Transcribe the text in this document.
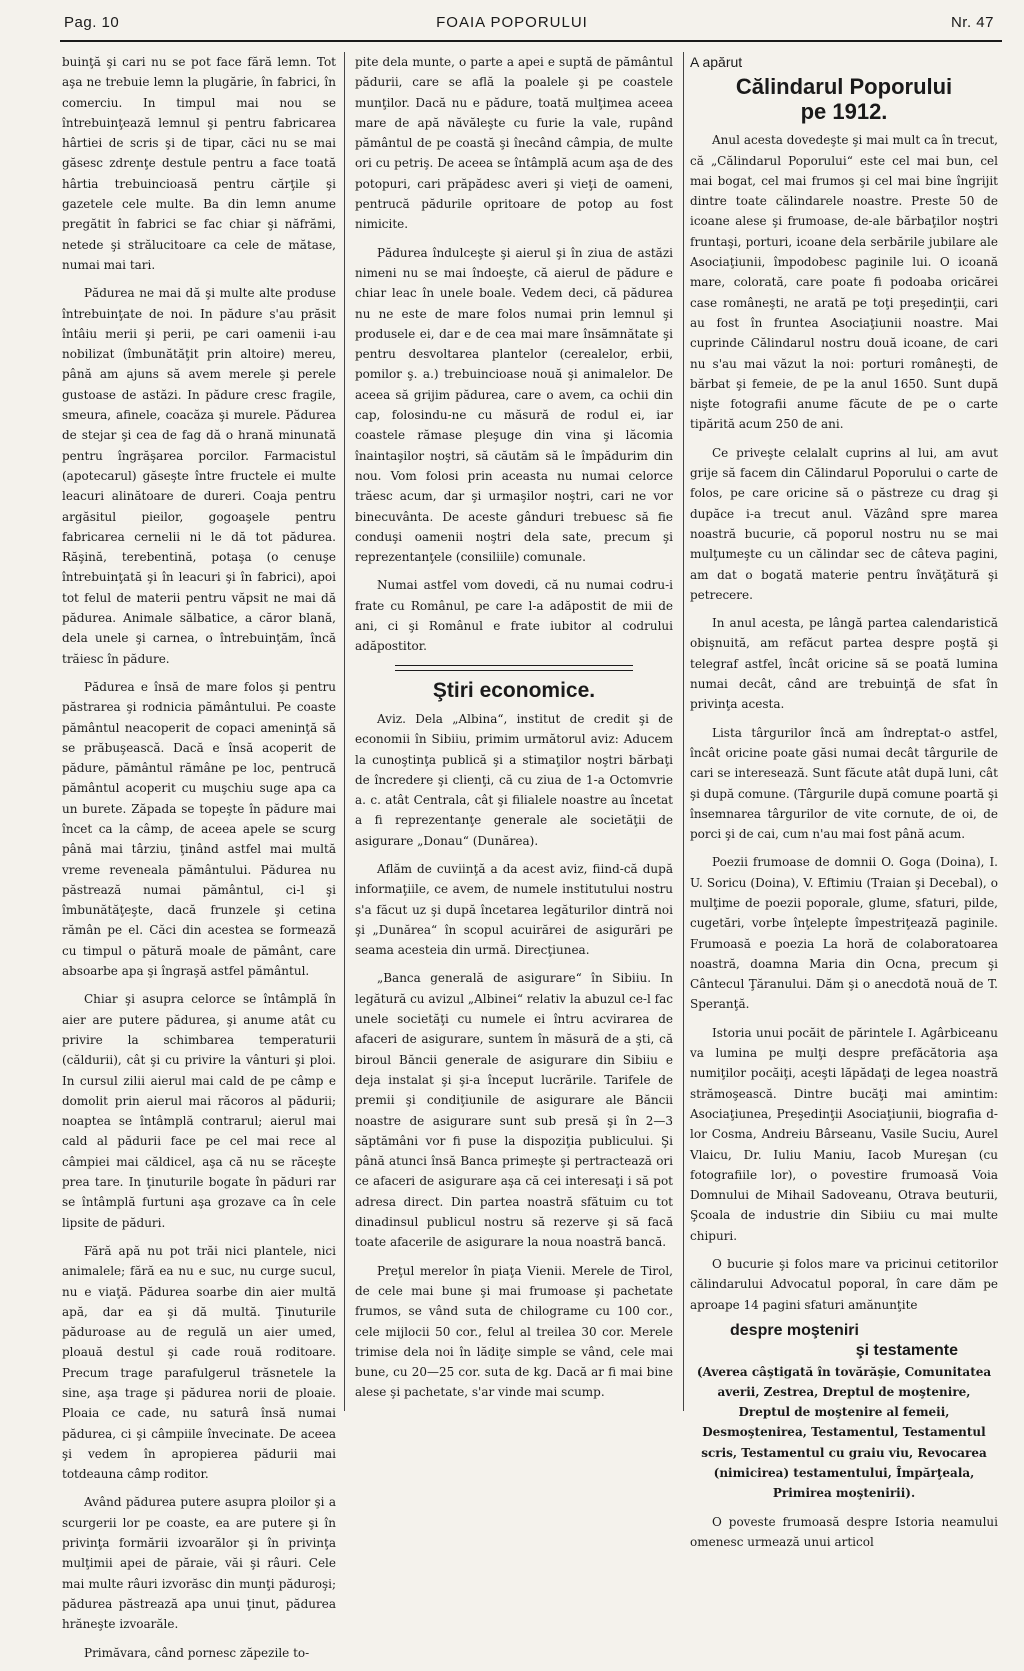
Pag. 10	FOAIA POPORULUI	Nr. 47

buinţă şi cari nu se pot face fără lemn. Tot aşa ne trebuie lemn la plugărie, în fabrici, în comerciu. In timpul mai nou se întrebuinţează lemnul şi pentru fabricarea hârtiei de scris şi de tipar, căci nu se mai găsesc zdrenţe destule pentru a face toată hârtia trebuincioasă pentru cărţile şi gazetele cele multe. Ba din lemn anume pregătit în fabrici se fac chiar şi năfrămi, netede şi strălucitoare ca cele de mătase, numai mai tari.

Pădurea ne mai dă şi multe alte produse întrebuinţate de noi. In pădure s'au prăsit întâiu merii şi perii, pe cari oamenii i-au nobilizat (îmbunătăţit prin altoire) mereu, până am ajuns să avem merele şi perele gustoase de astăzi. In pădure cresc fragile, smeura, afinele, coacăza şi murele. Pădurea de stejar şi cea de fag dă o hrană minunată pentru îngrăşarea porcilor. Farmacistul (apotecarul) găseşte între fructele ei multe leacuri alinătoare de dureri. Coaja pentru argăsitul pieilor, gogoaşele pentru fabricarea cernelii ni le dă tot pădurea. Răşină, terebentină, potaşa (o cenuşe întrebuinţată şi în leacuri şi în fabrici), apoi tot felul de materii pentru văpsit ne mai dă pădurea. Animale sălbatice, a căror blană, dela unele şi carnea, o întrebuinţăm, încă trăiesc în pădure.

Pădurea e însă de mare folos şi pentru păstrarea şi rodnicia pământului. Pe coaste pământul neacoperit de copaci ameninţă să se prăbuşească. Dacă e însă acoperit de pădure, pământul rămâne pe loc, pentrucă pământul acoperit cu muşchiu suge apa ca un burete. Zăpada se topeşte în pădure mai încet ca la câmp, de aceea apele se scurg până mai târziu, ţinând astfel mai multă vreme reveneala pământului. Pădurea nu păstrează numai pământul, ci-l şi îmbunătăţeşte, dacă frunzele şi cetina rămân pe el. Căci din acestea se formează cu timpul o pătură moale de pământ, care absoarbe apa şi îngraşă astfel pământul.

Chiar şi asupra celorce se întâmplă în aier are putere pădurea, şi anume atât cu privire la schimbarea temperaturii (căldurii), cât şi cu privire la vânturi şi ploi. In cursul zilii aierul mai cald de pe câmp e domolit prin aierul mai răcoros al pădurii; noaptea se întâmplă contrarul; aierul mai cald al pădurii face pe cel mai rece al câmpiei mai căldicel, aşa că nu se răceşte prea tare. In ţinuturile bogate în păduri rar se întâmplă furtuni aşa grozave ca în cele lipsite de păduri.

Fără apă nu pot trăi nici plantele, nici animalele; fără ea nu e suc, nu curge sucul, nu e viaţă. Pădurea soarbe din aier multă apă, dar ea şi dă multă. Ţinuturile păduroase au de regulă un aier umed, ploauă destul şi cade rouă roditoare. Precum trage parafulgerul trăsnetele la sine, aşa trage şi pădurea norii de ploaie. Ploaia ce cade, nu saturâ însă numai pădurea, ci şi câmpiile învecinate. De aceea şi vedem în apropierea pădurii mai totdeauna câmp roditor.

Având pădurea putere asupra ploilor şi a scurgerii lor pe coaste, ea are putere şi în privinţa formării izvoarălor şi în privinţa mulţimii apei de păraie, văi şi râuri. Cele mai multe râuri izvorăsc din munţi păduroşi; pădurea păstrează apa unui ţinut, pădurea hrăneşte izvoarăle.

Primăvara, când pornesc zăpezile to-

pite dela munte, o parte a apei e suptă de pământul pădurii, care se află la poalele şi pe coastele munţilor. Dacă nu e pădure, toată mulţimea aceea mare de apă năvăleşte cu furie la vale, rupând pământul de pe coastă şi înecând câmpia, de multe ori cu petriş. De aceea se întâmplă acum aşa de des potopuri, cari prăpădesc averi şi vieţi de oameni, pentrucă pădurile opritoare de potop au fost nimicite.

Pădurea îndulceşte şi aierul şi în ziua de astăzi nimeni nu se mai îndoeşte, că aierul de pădure e chiar leac în unele boale. Vedem deci, că pădurea nu ne este de mare folos numai prin lemnul şi produsele ei, dar e de cea mai mare însămnătate şi pentru desvoltarea plantelor (cerealelor, erbii, pomilor ş. a.) trebuincioase nouă şi animalelor. De aceea să grijim pădurea, care o avem, ca ochii din cap, folosindu-ne cu măsură de rodul ei, iar coastele rămase pleşuge din vina şi lăcomia înaintaşilor noştri, să căutăm să le împădurim din nou. Vom folosi prin aceasta nu numai celorce trăesc acum, dar şi urmaşilor noştri, cari ne vor binecuvânta. De aceste gânduri trebuesc să fie conduşi oamenii noştri dela sate, precum şi reprezentanţele (consiliile) comunale.

Numai astfel vom dovedi, că nu numai codru-i frate cu Românul, pe care l-a adăpostit de mii de ani, ci şi Românul e frate iubitor al codrului adăpostitor.

Ştiri economice.

Aviz. Dela „Albina“, institut de credit şi de economii în Sibiiu, primim următorul aviz: Aducem la cunoştinţa publică şi a stimaţilor noştri bărbaţi de încredere şi clienţi, că cu ziua de 1-a Octomvrie a. c. atât Centrala, cât şi filialele noastre au încetat a fi reprezentanţe generale ale societăţii de asigurare „Donau“ (Dunărea).

Aflăm de cuviinţă a da acest aviz, fiind-că după informaţiile, ce avem, de numele institutului nostru s'a făcut uz şi după încetarea legăturilor dintră noi şi „Dunărea“ în scopul acuirărei de asigurări pe seama acesteia din urmă. Direcţiunea.

„Banca generală de asigurare“ în Sibiiu. In legătură cu avizul „Albinei“ relativ la abuzul ce-l fac unele societăţi cu numele ei întru acvirarea de afaceri de asigurare, suntem în măsură de a şti, că biroul Băncii generale de asigurare din Sibiiu e deja instalat şi şi-a început lucrările. Tarifele de premii şi condiţiunile de asigurare ale Băncii noastre de asigurare sunt sub presă şi în 2—3 săptămâni vor fi puse la dispoziţia publicului. Şi până atunci însă Banca primeşte şi pertractează ori ce afaceri de asigurare aşa că cei interesaţi i să pot adresa direct. Din partea noastră sfătuim cu tot dinadinsul publicul nostru să rezerve şi să facă toate afacerile de asigurare la noua noastră bancă.

Preţul merelor în piaţa Vienii. Merele de Tirol, de cele mai bune şi mai frumoase şi pachetate frumos, se vând suta de chilograme cu 100 cor., cele mijlocii 50 cor., felul al treilea 30 cor. Merele trimise dela noi în lădiţe simple se vând, cele mai bune, cu 20—25 cor. suta de kg. Dacă ar fi mai bine alese şi pachetate, s'ar vinde mai scump.

A apărut
Călindarul Poporului
pe 1912.

Anul acesta dovedeşte şi mai mult ca în trecut, că „Călindarul Poporului“ este cel mai bun, cel mai bogat, cel mai frumos şi cel mai bine îngrijit dintre toate călindarele noastre. Preste 50 de icoane alese şi frumoase, de-ale bărbaţilor noştri fruntaşi, porturi, icoane dela serbările jubilare ale Asociaţiunii, împodobesc paginile lui. O icoană mare, colorată, care poate fi podoaba oricărei case româneşti, ne arată pe toţi preşedinţii, cari au fost în fruntea Asociaţiunii noastre. Mai cuprinde Călindarul nostru două icoane, de cari nu s'au mai văzut la noi: porturi româneşti, de bărbat şi femeie, de pe la anul 1650. Sunt după nişte fotografii anume făcute de pe o carte tipărită acum 250 de ani.

Ce priveşte celalalt cuprins al lui, am avut grije să facem din Călindarul Poporului o carte de folos, pe care oricine să o păstreze cu drag şi dupăce i-a trecut anul. Văzând spre marea noastră bucurie, că poporul nostru nu se mai mulţumeşte cu un călindar sec de câteva pagini, am dat o bogată materie pentru învăţătură şi petrecere.

In anul acesta, pe lângă partea calendaristică obişnuită, am refăcut partea despre poştă şi telegraf astfel, încât oricine să se poată lumina numai decât, când are trebuinţă de sfat în privinţa acesta.

Lista târgurilor încă am îndreptat-o astfel, încât oricine poate găsi numai decât târgurile de cari se interesează. Sunt făcute atât după luni, cât şi după comune. (Târgurile după comune poartă şi însemnarea târgurilor de vite cornute, de oi, de porci şi de cai, cum n'au mai fost până acum.

Poezii frumoase de domnii O. Goga (Doina), I. U. Soricu (Doina), V. Eftimiu (Traian şi Decebal), o mulţime de poezii poporale, glume, sfaturi, pilde, cugetări, vorbe înţelepte împestriţează paginile. Frumoasă e poezia La horă de colaboratoarea noastră, doamna Maria din Ocna, precum şi Cântecul Ţăranului. Dăm şi o anecdotă nouă de T. Speranţă.

Istoria unui pocăit de părintele I. Agârbiceanu va lumina pe mulţi despre prefăcătoria aşa numiţilor pocăiţi, aceşti lăpădaţi de legea noastră strămoşească. Dintre bucăţi mai amintim: Asociaţiunea, Preşedinţii Asociaţiunii, biografia d-lor Cosma, Andreiu Bârseanu, Vasile Suciu, Aurel Vlaicu, Dr. Iuliu Maniu, Iacob Mureşan (cu fotografiile lor), o povestire frumoasă Voia Domnului de Mihail Sadoveanu, Otrava beuturii, Şcoala de industrie din Sibiiu cu mai multe chipuri.

O bucurie şi folos mare va pricinui cetitorilor călindarului Advocatul poporal, în care dăm pe aproape 14 pagini sfaturi amănunţite

despre moşteniri
şi testamente

(Averea câştigată în tovărăşie, Comunitatea averii, Zestrea, Dreptul de moştenire, Dreptul de moştenire al femeii, Desmoştenirea, Testamentul, Testamentul scris, Testamentul cu graiu viu, Revocarea (nimicirea) testamentului, Împărţeala, Primirea moştenirii).

O poveste frumoasă despre Istoria neamului omenesc urmează unui articol
